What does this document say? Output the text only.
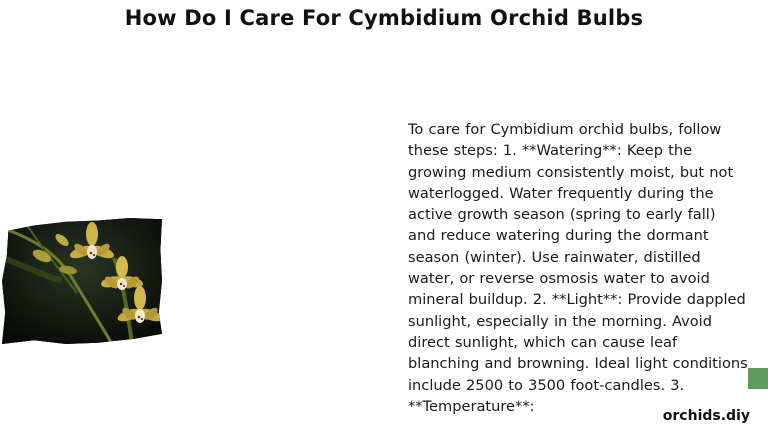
How Do I Care For Cymbidium Orchid Bulbs
To care for Cymbidium orchid bulbs, follow these steps: 1. **Watering**: Keep the growing medium consistently moist, but not waterlogged. Water frequently during the active growth season (spring to early fall) and reduce watering during the dormant season (winter). Use rainwater, distilled water, or reverse osmosis water to avoid mineral buildup. 2. **Light**: Provide dappled sunlight, especially in the morning. Avoid direct sunlight, which can cause leaf blanching and browning. Ideal light conditions include 2500 to 3500 foot-candles. 3. **Temperature**:
orchids.diy
